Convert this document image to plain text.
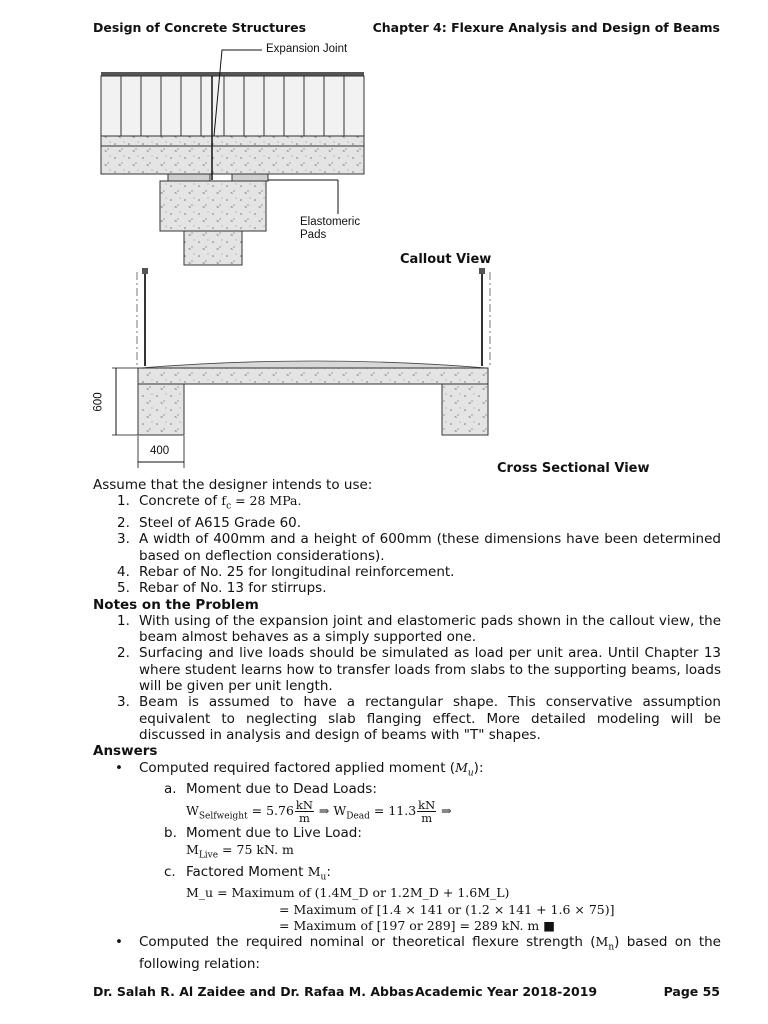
Design of Concrete Structures	Chapter 4: Flexure Analysis and Design of Beams
Expansion Joint
Elastomeric
Pads
Callout View
600
400
Cross Sectional View

Assume that the designer intends to use:

1. Concrete of $f_c = 28$ MPa.
2. Steel of A615 Grade 60.
3. A width of 400mm and a height of 600mm (these dimensions have been determined based on deflection considerations).
4. Rebar of No. 25 for longitudinal reinforcement.
5. Rebar of No. 13 for stirrups.

Notes on the Problem

1. With using of the expansion joint and elastomeric pads shown in the callout view, the beam almost behaves as a simply supported one.
2. Surfacing and live loads should be simulated as load per unit area. Until Chapter 13 where student learns how to transfer loads from slabs to the supporting beams, loads will be given per unit length.
3. Beam is assumed to have a rectangular shape. This conservative assumption equivalent to neglecting slab flanging effect. More detailed modeling will be discussed in analysis and design of beams with "T" shapes.

Answers

• Computed required factored applied moment $(M_u)$:
a. Moment due to Dead Loads:
$W_{Selfweight} = 5.76 \frac{kN}{m}$ ⇒ $W_{Dead} = 11.3 \frac{kN}{m}$ ⇒
b. Moment due to Live Load:
$M_{Live} = 75$ kN. m
c. Factored Moment $M_u$:
M_u = Maximum of (1.4M_D or 1.2M_D + 1.6M_L)
= Maximum of [1.4 × 141 or (1.2 × 141 + 1.6 × 75)]
= Maximum of [197 or 289] = 289 kN. m ■
• Computed the required nominal or theoretical flexure strength $(M_n)$ based on the following relation:
Dr. Salah R. Al Zaidee and Dr. Rafaa M. Abbas Academic Year 2018-2019	Page 55
